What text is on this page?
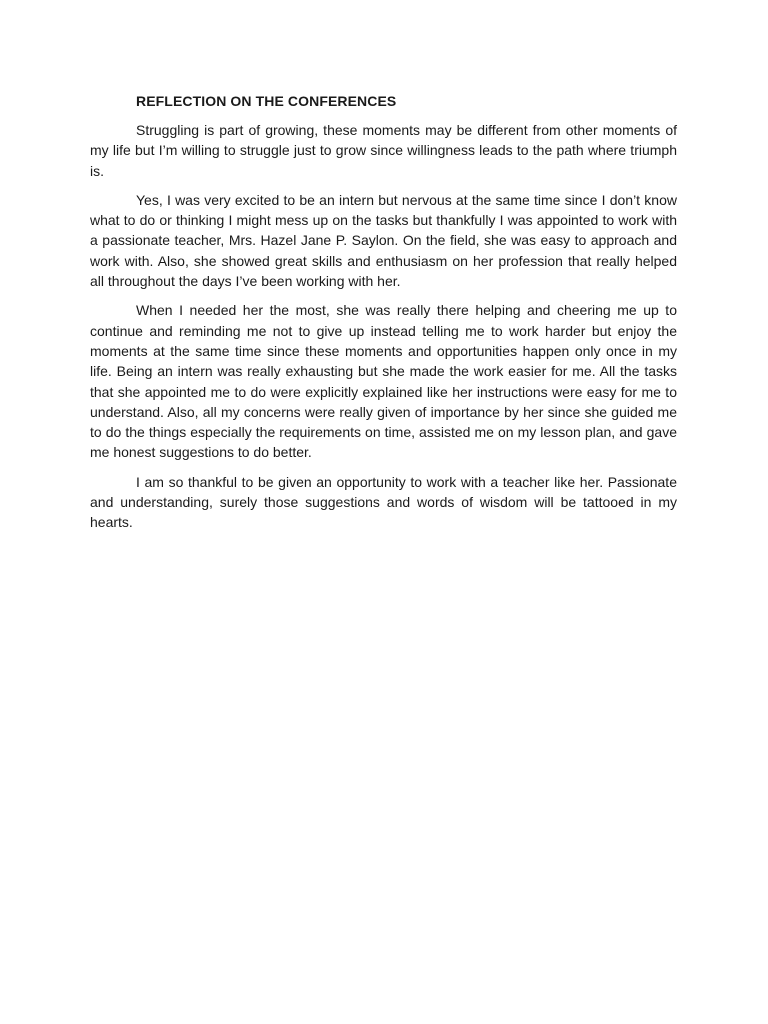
REFLECTION ON THE CONFERENCES

Struggling is part of growing, these moments may be different from other moments of my life but I’m willing to struggle just to grow since willingness leads to the path where triumph is.

Yes, I was very excited to be an intern but nervous at the same time since I don’t know what to do or thinking I might mess up on the tasks but thankfully I was appointed to work with a passionate teacher, Mrs. Hazel Jane P. Saylon. On the field, she was easy to approach and work with. Also, she showed great skills and enthusiasm on her profession that really helped all throughout the days I’ve been working with her.

When I needed her the most, she was really there helping and cheering me up to continue and reminding me not to give up instead telling me to work harder but enjoy the moments at the same time since these moments and opportunities happen only once in my life. Being an intern was really exhausting but she made the work easier for me. All the tasks that she appointed me to do were explicitly explained like her instructions were easy for me to understand. Also, all my concerns were really given of importance by her since she guided me to do the things especially the requirements on time, assisted me on my lesson plan, and gave me honest suggestions to do better.

I am so thankful to be given an opportunity to work with a teacher like her. Passionate and understanding, surely those suggestions and words of wisdom will be tattooed in my hearts.
